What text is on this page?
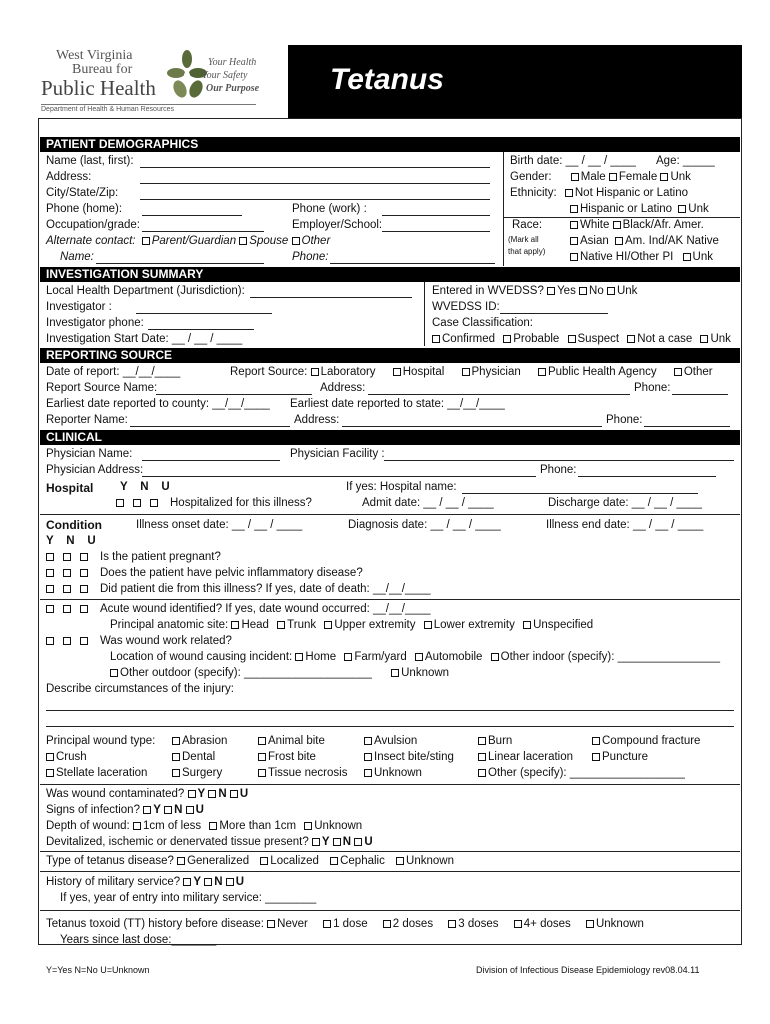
West Virginia
Bureau for
Public Health
Your Health
Your Safety
Our Purpose
Department of Health & Human Resources
Tetanus
PATIENT DEMOGRAPHICS
Name (last, first):
Address:
City/State/Zip:
Phone (home):	Phone (work) :
Occupation/grade:	Employer/School:
Alternate contact: Parent/Guardian Spouse Other
Name:	Phone:
Birth date: __ / __ / ____ Age: _____
Gender:	Male Female Unk
Ethnicity: Not Hispanic or Latino
Hispanic or Latino Unk
Race:
(Mark all
that apply)
White Black/Afr. Amer.
Asian Am. Ind/AK Native
Native HI/Other PI Unk
INVESTIGATION SUMMARY
Local Health Department (Jurisdiction):
Investigator :
Investigator phone:
Investigation Start Date: __ / __ / ____
Entered in WVEDSS? Yes No Unk
WVEDSS ID:
Case Classification:
Confirmed Probable Suspect Not a case Unk
REPORTING SOURCE
Date of report: __/__/____	Report Source: Laboratory Hospital Physician Public Health Agency Other
Report Source Name:	Address:	Phone:
Earliest date reported to county: __/__/____ Earliest date reported to state: __/__/____
Reporter Name:	Address:	Phone:
CLINICAL
Physician Name:	Physician Facility :
Physician Address:	Phone:
Hospital Y    N    U	If yes: Hospital name:
Hospitalized for this illness?	Admit date: __ / __ / ____	Discharge date: __ / __ / ____
Condition	Illness onset date: __ / __ / ____	Diagnosis date: __ / __ / ____	Illness end date: __ / __ / ____
Y    N    U
Is the patient pregnant?
Does the patient have pelvic inflammatory disease?
Did patient die from this illness? If yes, date of death: __/__/____
Acute wound identified? If yes, date wound occurred: __/__/____
Principal anatomic site: Head Trunk Upper extremity Lower extremity Unspecified
Was wound work related?
Location of wound causing incident: Home Farm/yard Automobile Other indoor (specify): ________________
Other outdoor (specify): ____________________	Unknown
Describe circumstances of the injury:
Principal wound type:	Abrasion	Animal bite	Avulsion	Burn	Compound fracture
Crush	Dental	Frost bite	Insect bite/sting	Linear laceration	Puncture
Stellate laceration	Surgery	Tissue necrosis	Unknown	Other (specify): __________________
Was wound contaminated? Y N U
Signs of infection? Y N U
Depth of wound: 1cm of less More than 1cm Unknown
Devitalized, ischemic or denervated tissue present? Y N U
Type of tetanus disease? Generalized Localized Cephalic Unknown
History of military service? Y N U
If yes, year of entry into military service: ________
Tetanus toxoid (TT) history before disease: Never 1 dose 2 doses 3 doses 4+ doses Unknown
Years since last dose:_______
Y=Yes N=No U=Unknown	Division of Infectious Disease Epidemiology rev08.04.11
